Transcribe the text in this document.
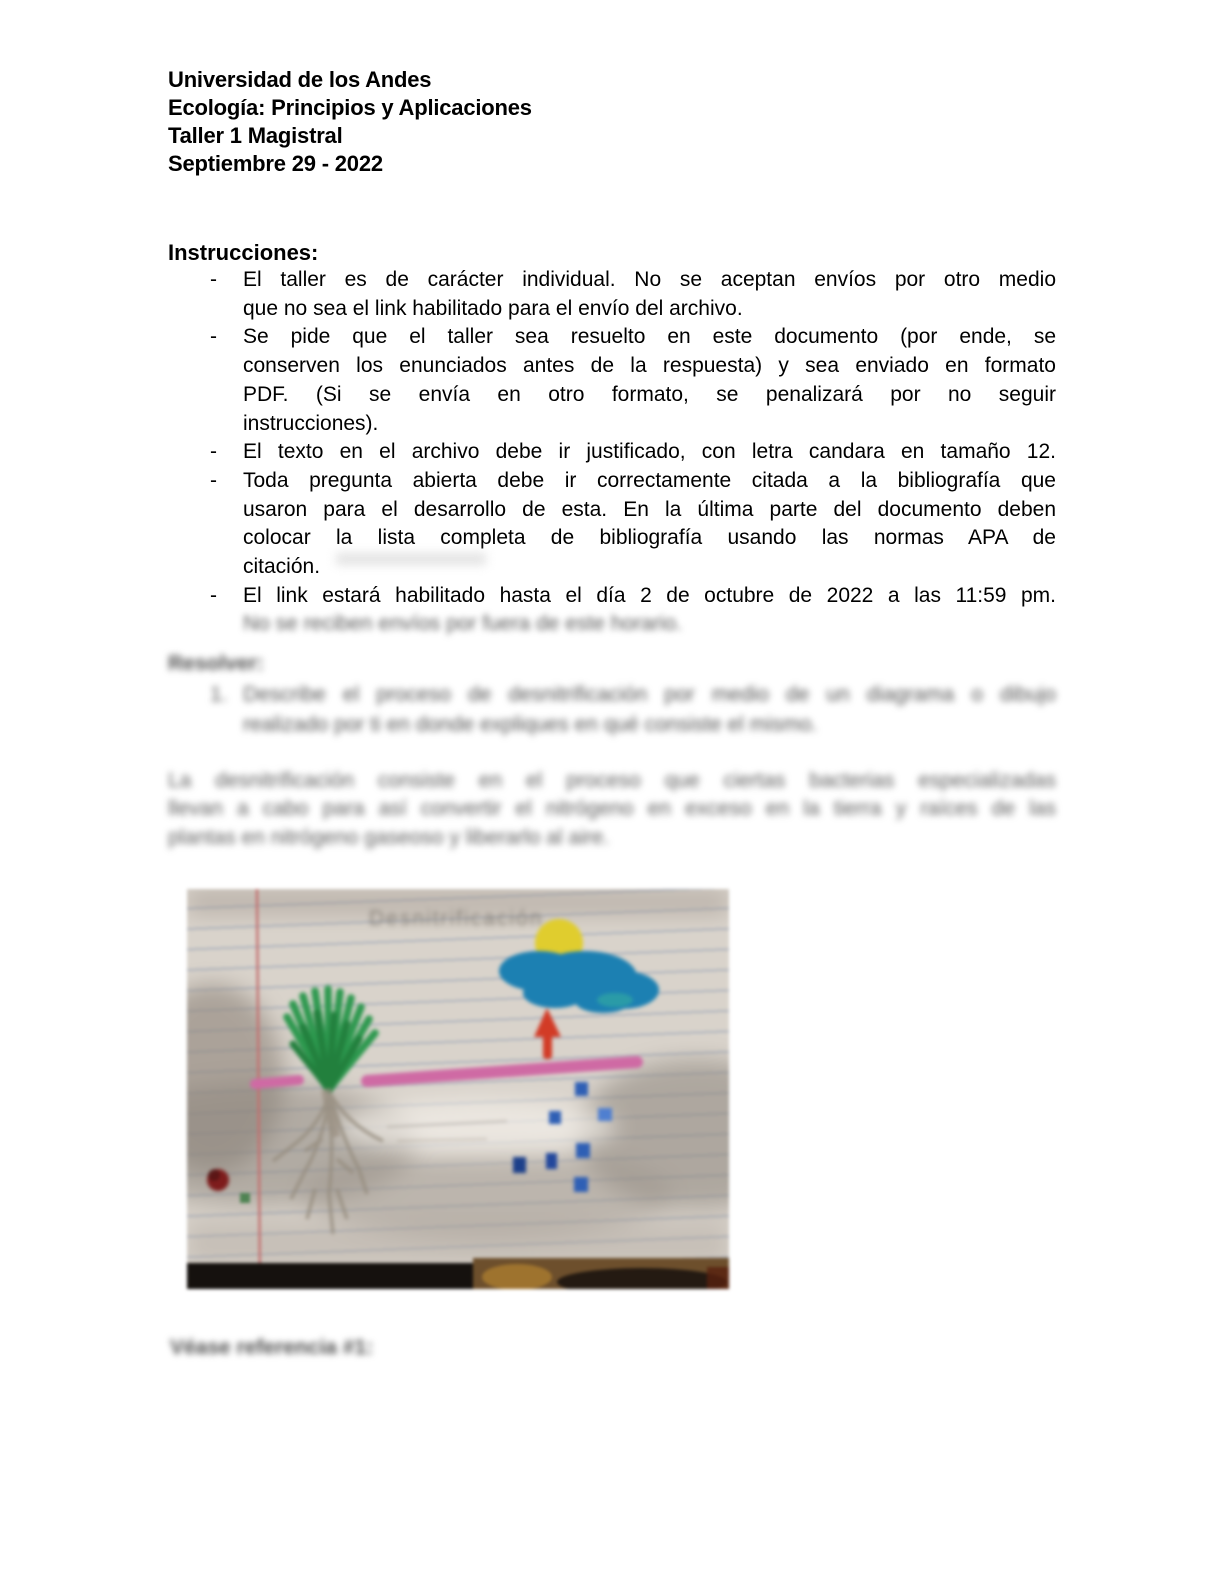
Universidad de los Andes
Ecología: Principios y Aplicaciones
Taller 1 Magistral
Septiembre 29 - 2022
Instrucciones:
-	El taller es de carácter individual. No se aceptan envíos por otro medio
que no sea el link habilitado para el envío del archivo.
-	Se pide que el taller sea resuelto en este documento (por ende, se
conserven los enunciados antes de la respuesta) y sea enviado en formato
PDF. (Si se envía en otro formato, se penalizará por no seguir
instrucciones).
-	El texto en el archivo debe ir justificado, con letra candara en tamaño 12.
-	Toda pregunta abierta debe ir correctamente citada a la bibliografía que
usaron para el desarrollo de esta. En la última parte del documento deben
colocar la lista completa de bibliografía usando las normas APA de
citación.
-	El link estará habilitado hasta el día 2 de octubre de 2022 a las 11:59 pm.
No se reciben envíos por fuera de este horario.
Resolver:
1. Describe el proceso de desnitrificación por medio de un diagrama o dibujo
realizado por ti en donde expliques en qué consiste el mismo.
La desnitrificación consiste en el proceso que ciertas bacterias especializadas
llevan a cabo para así convertir el nitrógeno en exceso en la tierra y raíces de las
plantas en nitrógeno gaseoso y liberarlo al aire.
Desnitrificación
Véase referencia #1:
